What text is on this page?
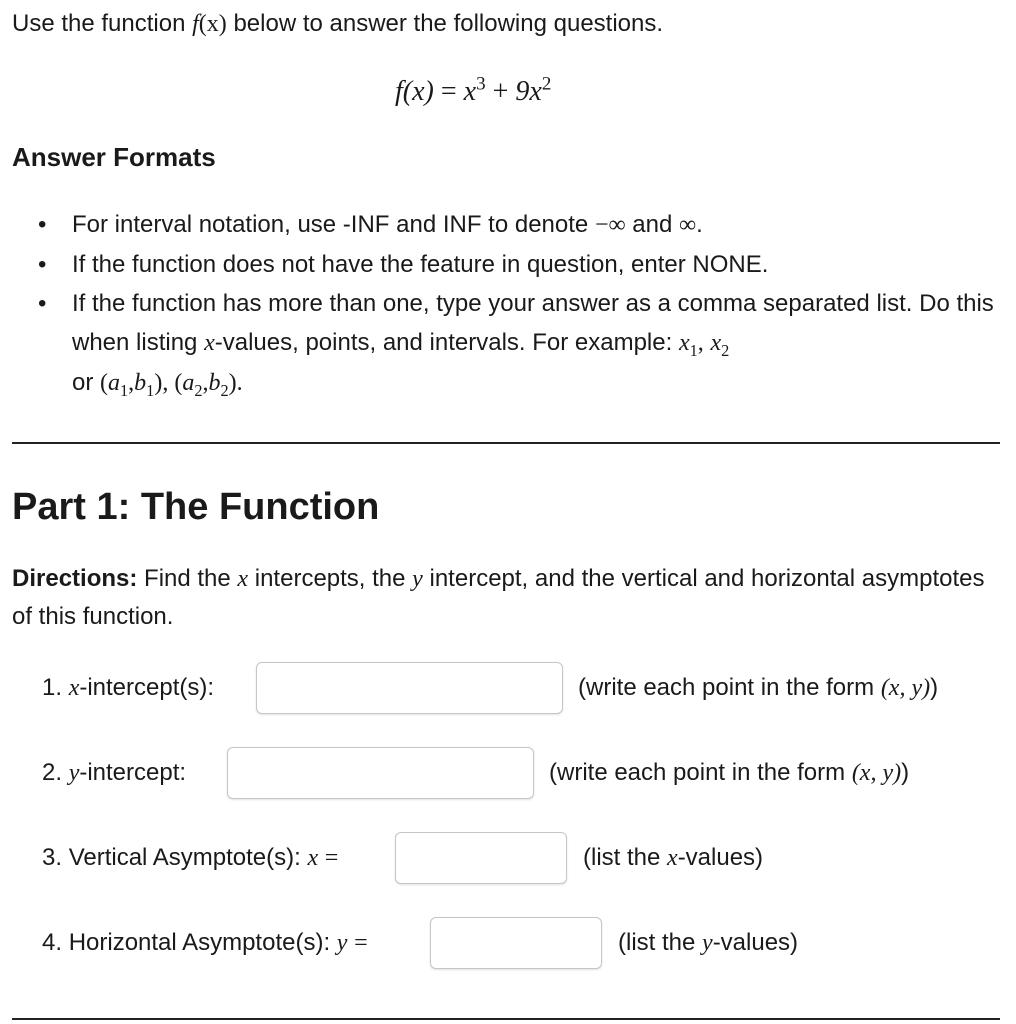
Use the function f(x) below to answer the following questions.
$f(x) = x^3 + 9x^2$
Answer Formats
• For interval notation, use -INF and INF to denote −∞ and ∞.
• If the function does not have the feature in question, enter NONE.
• If the function has more than one, type your answer as a comma separated list. Do this when listing x-values, points, and intervals. For example: $x_1$, $x_2$
or $(a_1,b_1)$, $(a_2,b_2)$.
Part 1: The Function
Directions: Find the x intercepts, the y intercept, and the vertical and horizontal asymptotes of this function.
1. x-intercept(s):	(write each point in the form (x, y))
2. y-intercept:	(write each point in the form (x, y))
3. Vertical Asymptote(s): x =	(list the x-values)
4. Horizontal Asymptote(s): y =	(list the y-values)
